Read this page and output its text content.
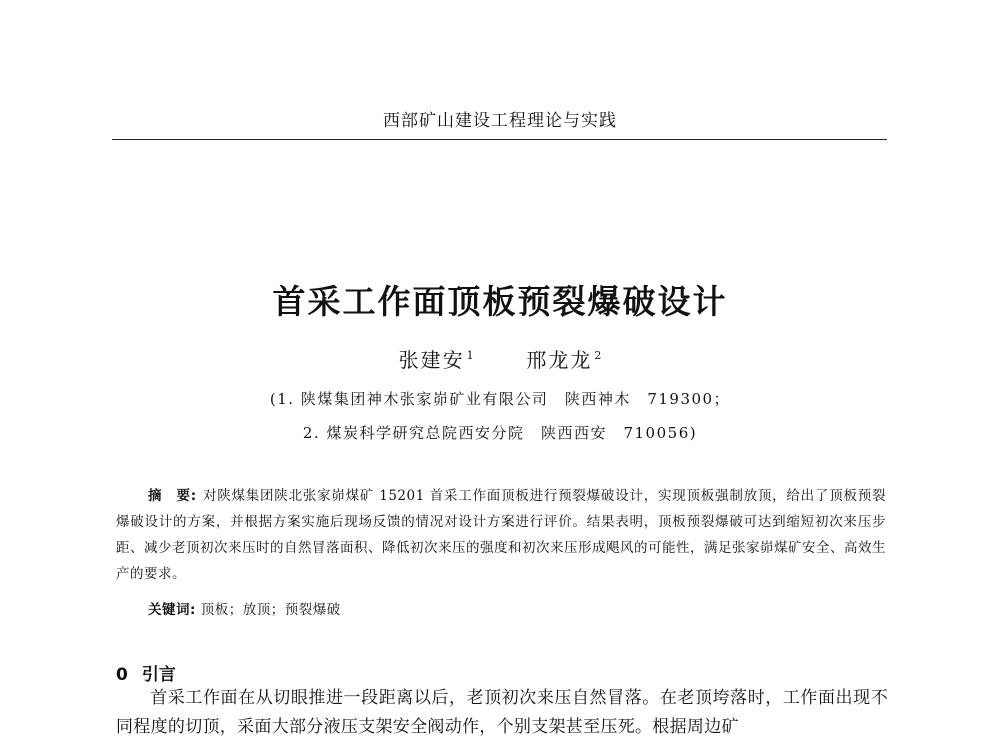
西部矿山建设工程理论与实践
首采工作面顶板预裂爆破设计
张建安 $^1$	邢龙龙 $^2$
(1. 陕煤集团神木张家峁矿业有限公司　陕西神木　719300；
2. 煤炭科学研究总院西安分院　陕西西安　710056)
摘　要: 对陕煤集团陕北张家峁煤矿 15201 首采工作面顶板进行预裂爆破设计，实现顶板强制放顶，给出了顶板预裂爆破设计的方案，并根据方案实施后现场反馈的情况对设计方案进行评价。结果表明，顶板预裂爆破可达到缩短初次来压步距、减少老顶初次来压时的自然冒落面积、降低初次来压的强度和初次来压形成飓风的可能性，满足张家峁煤矿安全、高效生产的要求。
关键词: 顶板；放顶；预裂爆破
0 引言
首采工作面在从切眼推进一段距离以后，老顶初次来压自然冒落。在老顶垮落时，工作面出现不同程度的切顶，采面大部分液压支架安全阀动作，个别支架甚至压死。根据周边矿
